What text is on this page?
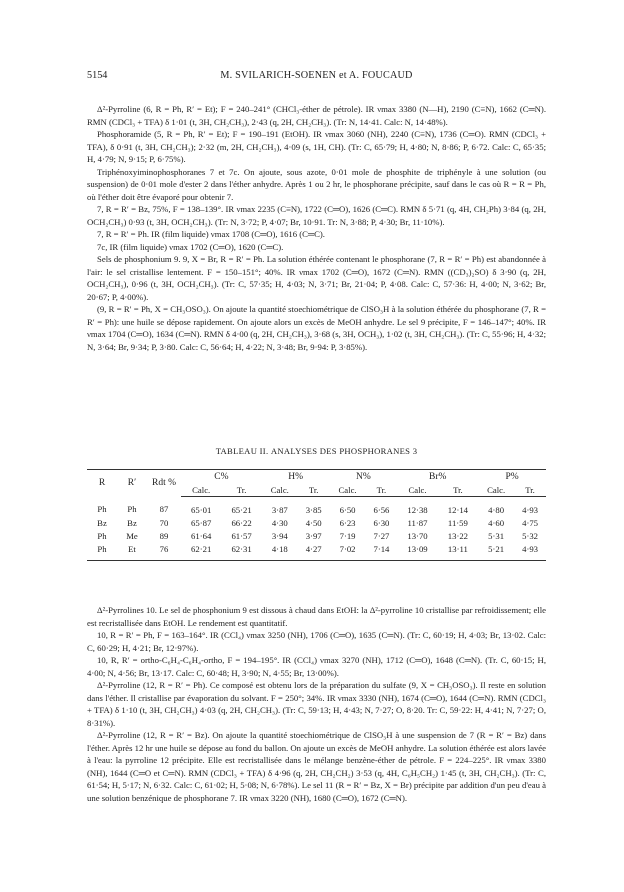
5154	M. SVILARICH-SOENEN et A. FOUCAUD

Δ²-Pyrroline (6, R = Ph, R′ = Et); F = 240–241° (CHCl₃-éther de pétrole). IR νmax 3380 (N—H), 2190 (C≡N), 1662 (C═N). RMN (CDCl₃ + TFA) δ 1·01 (t, 3H, CH₂CH₃), 2·43 (q, 2H, CH₂CH₃). (Tr: N, 14·41. Calc: N, 14·48%).

Phosphoramide (5, R = Ph, R′ = Et); F = 190–191 (EtOH). IR νmax 3060 (NH), 2240 (C≡N), 1736 (C═O). RMN (CDCl₃ + TFA), δ 0·91 (t, 3H, CH₂CH₃); 2·32 (m, 2H, CH₂CH₃), 4·09 (s, 1H, CH). (Tr: C, 65·79; H, 4·80; N, 8·86; P, 6·72. Calc: C, 65·35; H, 4·79; N, 9·15; P, 6·75%).

Triphénoxyiminophosphoranes 7 et 7c. On ajoute, sous azote, 0·01 mole de phosphite de triphényle à une solution (ou suspension) de 0·01 mole d'ester 2 dans l'éther anhydre. Après 1 ou 2 hr, le phosphorane précipite, sauf dans le cas où R = R = Ph, où l'éther doit être évaporé pour obtenir 7.

7, R = R′ = Bz, 75%, F = 138–139°. IR νmax 2235 (C≡N), 1722 (C═O), 1626 (C═C). RMN δ 5·71 (q, 4H, CH₂Ph) 3·84 (q, 2H, OCH₂CH₃) 0·93 (t, 3H, OCH₂CH₃). (Tr: N, 3·72; P, 4·07; Br, 10·91. Tr: N, 3·88; P, 4·30; Br, 11·10%).

7, R = R′ = Ph. IR (film liquide) νmax 1708 (C═O), 1616 (C═C).

7c, IR (film liquide) νmax 1702 (C═O), 1620 (C═C).

Sels de phosphonium 9. 9, X = Br, R = R′ = Ph. La solution éthérée contenant le phosphorane (7, R = R′ = Ph) est abandonnée à l'air: le sel cristallise lentement. F = 150–151°; 40%. IR νmax 1702 (C═O), 1672 (C═N). RMN ((CD₃)₂SO) δ 3·90 (q, 2H, OCH₂CH₃), 0·96 (t, 3H, OCH₂CH₃). (Tr: C, 57·35; H, 4·03; N, 3·71; Br, 21·04; P, 4·08. Calc: C, 57·36: H, 4·00; N, 3·62; Br, 20·67; P, 4·00%).

(9, R = R′ = Ph, X = CH₃OSO₃). On ajoute la quantité stoechiométrique de ClSO₃H à la solution éthérée du phosphorane (7, R = R′ = Ph): une huile se dépose rapidement. On ajoute alors un excès de MeOH anhydre. Le sel 9 précipite, F = 146–147°; 40%. IR νmax 1704 (C═O), 1634 (C═N). RMN δ 4·00 (q, 2H, CH₂CH₃), 3·68 (s, 3H, OCH₃), 1·02 (t, 3H, CH₂CH₃). (Tr: C, 55·96; H, 4·32; N, 3·64; Br, 9·34; P, 3·80. Calc: C, 56·64; H, 4·22; N, 3·48; Br, 9·94: P, 3·85%).

TABLEAU II. ANALYSES DES PHOSPHORANES 3
R	R′	Rdt %	C%		H%		N%		Br%		P%	
			Calc.	Tr.	Calc.	Tr.	Calc.	Tr.	Calc.	Tr.	Calc.	Tr.
Ph	Ph	87	65·01	65·21	3·87	3·85	6·50	6·56	12·38	12·14	4·80	4·93
Bz	Bz	70	65·87	66·22	4·30	4·50	6·23	6·30	11·87	11·59	4·60	4·75
Ph	Me	89	61·64	61·57	3·94	3·97	7·19	7·27	13·70	13·22	5·31	5·32
Ph	Et	76	62·21	62·31	4·18	4·27	7·02	7·14	13·09	13·11	5·21	4·93

Δ²-Pyrrolines 10. Le sel de phosphonium 9 est dissous à chaud dans EtOH: la Δ²-pyrroline 10 cristallise par refroidissement; elle est recristallisée dans EtOH. Le rendement est quantitatif.

10, R = R′ = Ph, F = 163–164°. IR (CCl₄) νmax 3250 (NH), 1706 (C═O), 1635 (C═N). (Tr: C, 60·19; H, 4·03; Br, 13·02. Calc: C, 60·29; H, 4·21; Br, 12·97%).

10, R, R′ = ortho-C₆H₄-C₆H₄-ortho, F = 194–195°. IR (CCl₄) νmax 3270 (NH), 1712 (C═O), 1648 (C═N). (Tr. C, 60·15; H, 4·00; N, 4·56; Br, 13·17. Calc: C, 60·48; H, 3·90; N, 4·55; Br, 13·00%).

Δ²-Pyrroline (12, R = R′ = Ph). Ce composé est obtenu lors de la préparation du sulfate (9, X = CH₃OSO₃). Il reste en solution dans l'éther. Il cristallise par évaporation du solvant. F = 250°; 34%. IR νmax 3330 (NH), 1674 (C═O), 1644 (C═N). RMN (CDCl₃ + TFA) δ 1·10 (t, 3H, CH₂CH₃) 4·03 (q, 2H, CH₂CH₃). (Tr: C, 59·13; H, 4·43; N, 7·27; O, 8·20. Tr: C, 59·22: H, 4·41; N, 7·27; O, 8·31%).

Δ²-Pyrroline (12, R = R′ = Bz). On ajoute la quantité stoechiométrique de ClSO₃H à une suspension de 7 (R = R′ = Bz) dans l'éther. Après 12 hr une huile se dépose au fond du ballon. On ajoute un excès de MeOH anhydre. La solution éthérée est alors lavée à l'eau: la pyrroline 12 précipite. Elle est recristallisée dans le mélange benzène-éther de pétrole. F = 224–225°. IR νmax 3380 (NH), 1644 (C═O et C═N). RMN (CDCl₃ + TFA) δ 4·96 (q, 2H, CH₂CH₂) 3·53 (q, 4H, C₆H₅CH₂) 1·45 (t, 3H, CH₂CH₃). (Tr: C, 61·54; H, 5·17; N, 6·32. Calc: C, 61·02; H, 5·08; N, 6·78%). Le sel 11 (R = R′ = Bz, X = Br) précipite par addition d'un peu d'eau à une solution benzénique de phosphorane 7. IR νmax 3220 (NH), 1680 (C═O), 1672 (C═N).
